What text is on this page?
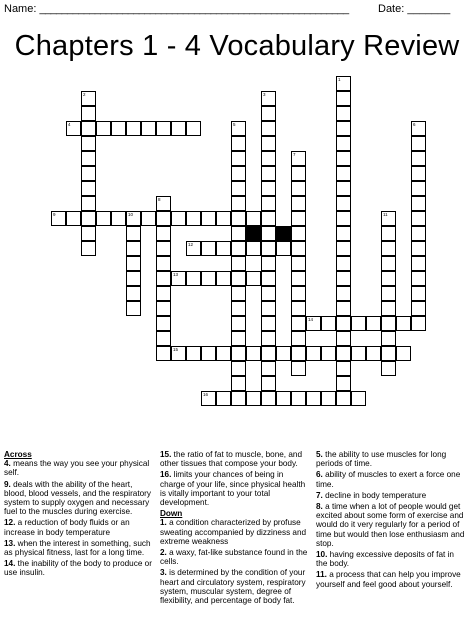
Name: ________________________________________________________	Date: _______
Chapters 1 - 4 Vocabulary Review
4
9	10
12
13
14
15
16
1
2	3
5	6
7
8
11
Across
4. means the way you see your physical self.
9. deals with the ability of the heart, blood, blood vessels, and the respiratory system to supply oxygen and necessary fuel to the muscles during exercise.
12. a reduction of body fluids or an increase in body temperature
13. when the interest in something, such as physical fitness, last for a long time.
14. the inability of the body to produce or use insulin.
15. the ratio of fat to muscle, bone, and other tissues that compose your body.
16. limits your chances of being in charge of your life, since physical health is vitally important to your total development.
Down
1. a condition characterized by profuse sweating accompanied by dizziness and extreme weakness
2. a waxy, fat-like substance found in the cells.
3. is determined by the condition of your heart and circulatory system, respiratory system, muscular system, degree of flexibility, and percentage of body fat.
5. the ability to use muscles for long periods of time.
6. ability of muscles to exert a force one time.
7. decline in body temperature
8. a time when a lot of people would get excited about some form of exercise and would do it very regularly for a period of time but would then lose enthusiasm and stop.
10. having excessive deposits of fat in the body.
11. a process that can help you improve yourself and feel good about yourself.
